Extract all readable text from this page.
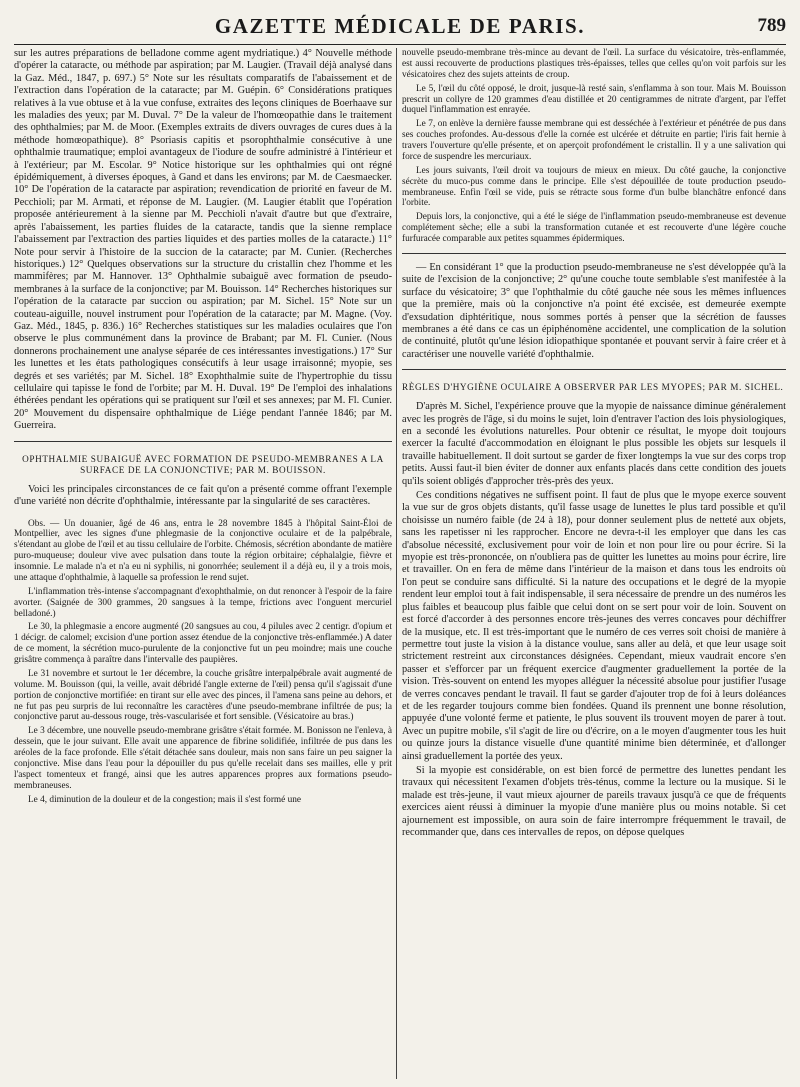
GAZETTE MÉDICALE DE PARIS.	789

sur les autres préparations de belladone comme agent mydriatique.) 4° Nouvelle méthode d'opérer la cataracte, ou méthode par aspiration; par M. Laugier. (Travail déjà analysé dans la Gaz. Méd., 1847, p. 697.) 5° Note sur les résultats comparatifs de l'abaissement et de l'extraction dans l'opération de la cataracte; par M. Guépin. 6° Considérations pratiques relatives à la vue obtuse et à la vue confuse, extraites des leçons cliniques de Boerhaave sur les maladies des yeux; par M. Duval. 7° De la valeur de l'homœopathie dans le traitement des ophthalmies; par M. de Moor. (Exemples extraits de divers ouvrages de cures dues à la méthode homœopathique). 8° Psoriasis capitis et psorophthalmie consécutive à une ophthalmie traumatique; emploi avantageux de l'iodure de soufre administré à l'intérieur et à l'extérieur; par M. Escolar. 9° Notice historique sur les ophthalmies qui ont régné épidémiquement, à diverses époques, à Gand et dans les environs; par M. de Caesmaecker. 10° De l'opération de la cataracte par aspiration; revendication de priorité en faveur de M. Pecchioli; par M. Armati, et réponse de M. Laugier. (M. Laugier établit que l'opération proposée antérieurement à la sienne par M. Pecchioli n'avait d'autre but que d'extraire, après l'abaissement, les parties fluides de la cataracte, tandis que la sienne remplace l'abaissement par l'extraction des parties liquides et des parties molles de la cataracte.) 11° Note pour servir à l'histoire de la succion de la cataracte; par M. Cunier. (Recherches historiques.) 12° Quelques observations sur la structure du cristallin chez l'homme et les mammifères; par M. Hannover. 13° Ophthalmie subaiguë avec formation de pseudo-membranes à la surface de la conjonctive; par M. Bouisson. 14° Recherches historiques sur l'opération de la cataracte par succion ou aspiration; par M. Sichel. 15° Note sur un couteau-aiguille, nouvel instrument pour l'opération de la cataracte; par M. Magne. (Voy. Gaz. Méd., 1845, p. 836.) 16° Recherches statistiques sur les maladies oculaires que l'on observe le plus communément dans la province de Brabant; par M. Fl. Cunier. (Nous donnerons prochainement une analyse séparée de ces intéressantes investigations.) 17° Sur les lunettes et les états pathologiques consécutifs à leur usage irraisonné; myopie, ses degrés et ses variétés; par M. Sichel. 18° Exophthalmie suite de l'hypertrophie du tissu cellulaire qui tapisse le fond de l'orbite; par M. H. Duval. 19° De l'emploi des inhalations éthérées pendant les opérations qui se pratiquent sur l'œil et ses annexes; par M. Fl. Cunier. 20° Mouvement du dispensaire ophthalmique de Liége pendant l'année 1846; par M. Guerreira.

OPHTHALMIE SUBAIGUË AVEC FORMATION DE PSEUDO-MEMBRANES A LA SURFACE DE LA CONJONCTIVE; PAR M. BOUISSON.

Voici les principales circonstances de ce fait qu'on a présenté comme offrant l'exemple d'une variété non décrite d'ophthalmie, intéressante par la singularité de ses caractères.

Obs. — Un douanier, âgé de 46 ans, entra le 28 novembre 1845 à l'hôpital Saint-Éloi de Montpellier, avec les signes d'une phlegmasie de la conjonctive oculaire et de la palpébrale, s'étendant au globe de l'œil et au tissu cellulaire de l'orbite. Chémosis, sécrétion abondante de matière puro-muqueuse; douleur vive avec pulsation dans toute la région orbitaire; céphalalgie, fièvre et insomnie. Le malade n'a et n'a eu ni syphilis, ni gonorrhée; seulement il a déjà eu, il y a trois mois, une attaque d'ophthalmie, à laquelle sa profession le rend sujet.

L'inflammation très-intense s'accompagnant d'exophthalmie, on dut renoncer à l'espoir de la faire avorter. (Saignée de 300 grammes, 20 sangsues à la tempe, frictions avec l'onguent mercuriel belladoné.)

Le 30, la phlegmasie a encore augmenté (20 sangsues au cou, 4 pilules avec 2 centigr. d'opium et 1 décigr. de calomel; excision d'une portion assez étendue de la conjonctive très-enflammée.) A dater de ce moment, la sécrétion muco-purulente de la conjonctive fut un peu moindre; mais une couche grisâtre commença à paraître dans l'intervalle des paupières.

Le 31 novembre et surtout le 1er décembre, la couche grisâtre interpalpébrale avait augmenté de volume. M. Bouisson (qui, la veille, avait débridé l'angle externe de l'œil) pensa qu'il s'agissait d'une portion de conjonctive mortifiée: en tirant sur elle avec des pinces, il l'amena sans peine au dehors, et ne fut pas peu surpris de lui reconnaître les caractères d'une pseudo-membrane infiltrée de pus; la conjonctive parut au-dessous rouge, très-vascularisée et fort sensible. (Vésicatoire au bras.)

Le 3 décembre, une nouvelle pseudo-membrane grisâtre s'était formée. M. Bonisson ne l'enleva, à dessein, que le jour suivant. Elle avait une apparence de fibrine solidifiée, infiltrée de pus dans les aréoles de la face profonde. Elle s'était détachée sans douleur, mais non sans faire un peu saigner la conjonctive. Mise dans l'eau pour la dépouiller du pus qu'elle recelait dans ses mailles, elle y prit l'aspect tomenteux et frangé, ainsi que les autres apparences propres aux formations pseudo-membraneuses.

Le 4, diminution de la douleur et de la congestion; mais il s'est formé une

nouvelle pseudo-membrane très-mince au devant de l'œil. La surface du vésicatoire, très-enflammée, est aussi recouverte de productions plastiques très-épaisses, telles que celles qu'on voit parfois sur les vésicatoires chez des sujets atteints de croup.

Le 5, l'œil du côté opposé, le droit, jusque-là resté sain, s'enflamma à son tour. Mais M. Bouisson prescrit un collyre de 120 grammes d'eau distillée et 20 centigrammes de nitrate d'argent, par l'effet duquel l'inflammation est enrayée.

Le 7, on enlève la dernière fausse membrane qui est desséchée à l'extérieur et pénétrée de pus dans ses couches profondes. Au-dessous d'elle la cornée est ulcérée et détruite en partie; l'iris fait hernie à travers l'ouverture qu'elle présente, et on aperçoit profondément le cristallin. Il y a une salivation qui force de suspendre les mercuriaux.

Les jours suivants, l'œil droit va toujours de mieux en mieux. Du côté gauche, la conjonctive sécrète du muco-pus comme dans le principe. Elle s'est dépouillée de toute production pseudo-membraneuse. Enfin l'œil se vide, puis se rétracte sous forme d'un bulbe blanchâtre enfoncé dans l'orbite.

Depuis lors, la conjonctive, qui a été le siége de l'inflammation pseudo-membraneuse est devenue complétement sèche; elle a subi la transformation cutanée et est recouverte d'une légère couche furfuracée comparable aux petites squammes épidermiques.

— En considérant 1° que la production pseudo-membraneuse ne s'est développée qu'à la suite de l'excision de la conjonctive; 2° qu'une couche toute semblable s'est manifestée à la surface du vésicatoire; 3° que l'ophthalmie du côté gauche née sous les mêmes influences que la première, mais où la conjonctive n'a point été excisée, est demeurée exempte d'exsudation diphtéritique, nous sommes portés à penser que la sécrétion de fausses membranes a été dans ce cas un épiphénomène accidentel, une complication de la solution de continuité, plutôt qu'une lésion idiopathique spontanée et pouvant servir à faire créer et à caractériser une nouvelle variété d'ophthalmie.

RÈGLES D'HYGIÈNE OCULAIRE A OBSERVER PAR LES MYOPES; PAR M. SICHEL.

D'après M. Sichel, l'expérience prouve que la myopie de naissance diminue généralement avec les progrès de l'âge, si du moins le sujet, loin d'entraver l'action des lois physiologiques, en a secondé les évolutions naturelles. Pour obtenir ce résultat, le myope doit toujours exercer la faculté d'accommodation en éloignant le plus possible les objets sur lesquels il travaille habituellement. Il doit surtout se garder de fixer longtemps la vue sur des corps trop petits. Aussi faut-il bien éviter de donner aux enfants placés dans cette condition des jouets qu'ils soient obligés d'approcher très-près des yeux.

Ces conditions négatives ne suffisent point. Il faut de plus que le myope exerce souvent la vue sur de gros objets distants, qu'il fasse usage de lunettes le plus tard possible et qu'il choisisse un numéro faible (de 24 à 18), pour donner seulement plus de netteté aux objets, sans les rapetisser ni les rapprocher. Encore ne devra-t-il les employer que dans les cas d'absolue nécessité, exclusivement pour voir de loin et non pour lire ou pour écrire. Si la myopie est très-prononcée, on n'oubliera pas de quitter les lunettes au moins pour écrire, lire et travailler. On en fera de même dans l'intérieur de la maison et dans tous les endroits où l'on peut se conduire sans difficulté. Si la nature des occupations et le degré de la myopie rendent leur emploi tout à fait indispensable, il sera nécessaire de prendre un des numéros les plus faibles et beaucoup plus faible que celui dont on se sert pour voir de loin. Souvent on est forcé d'accorder à des personnes encore très-jeunes des verres concaves pour déchiffrer de la musique, etc. Il est très-important que le numéro de ces verres soit choisi de manière à permettre tout juste la vision à la distance voulue, sans aller au delà, et que leur usage soit strictement restreint aux circonstances désignées. Cependant, mieux vaudrait encore s'en passer et s'efforcer par un fréquent exercice d'augmenter graduellement la portée de la vision. Très-souvent on entend les myopes alléguer la nécessité absolue pour justifier l'usage de verres concaves pendant le travail. Il faut se garder d'ajouter trop de foi à leurs doléances et de les regarder toujours comme bien fondées. Quand ils prennent une bonne résolution, appuyée d'une volonté ferme et patiente, le plus souvent ils trouvent moyen de parer à tout. Avec un pupitre mobile, s'il s'agit de lire ou d'écrire, on a le moyen d'augmenter tous les huit ou quinze jours la distance visuelle d'une quantité minime bien déterminée, et d'allonger ainsi graduellement la portée des yeux.

Si la myopie est considérable, on est bien forcé de permettre des lunettes pendant les travaux qui nécessitent l'examen d'objets très-ténus, comme la lecture ou la musique. Si le malade est très-jeune, il vaut mieux ajourner de pareils travaux jusqu'à ce que de fréquents exercices aient réussi à diminuer la myopie d'une manière plus ou moins notable. Si cet ajournement est impossible, on aura soin de faire interrompre fréquemment le travail, de recommander que, dans ces intervalles de repos, on dépose quelques
